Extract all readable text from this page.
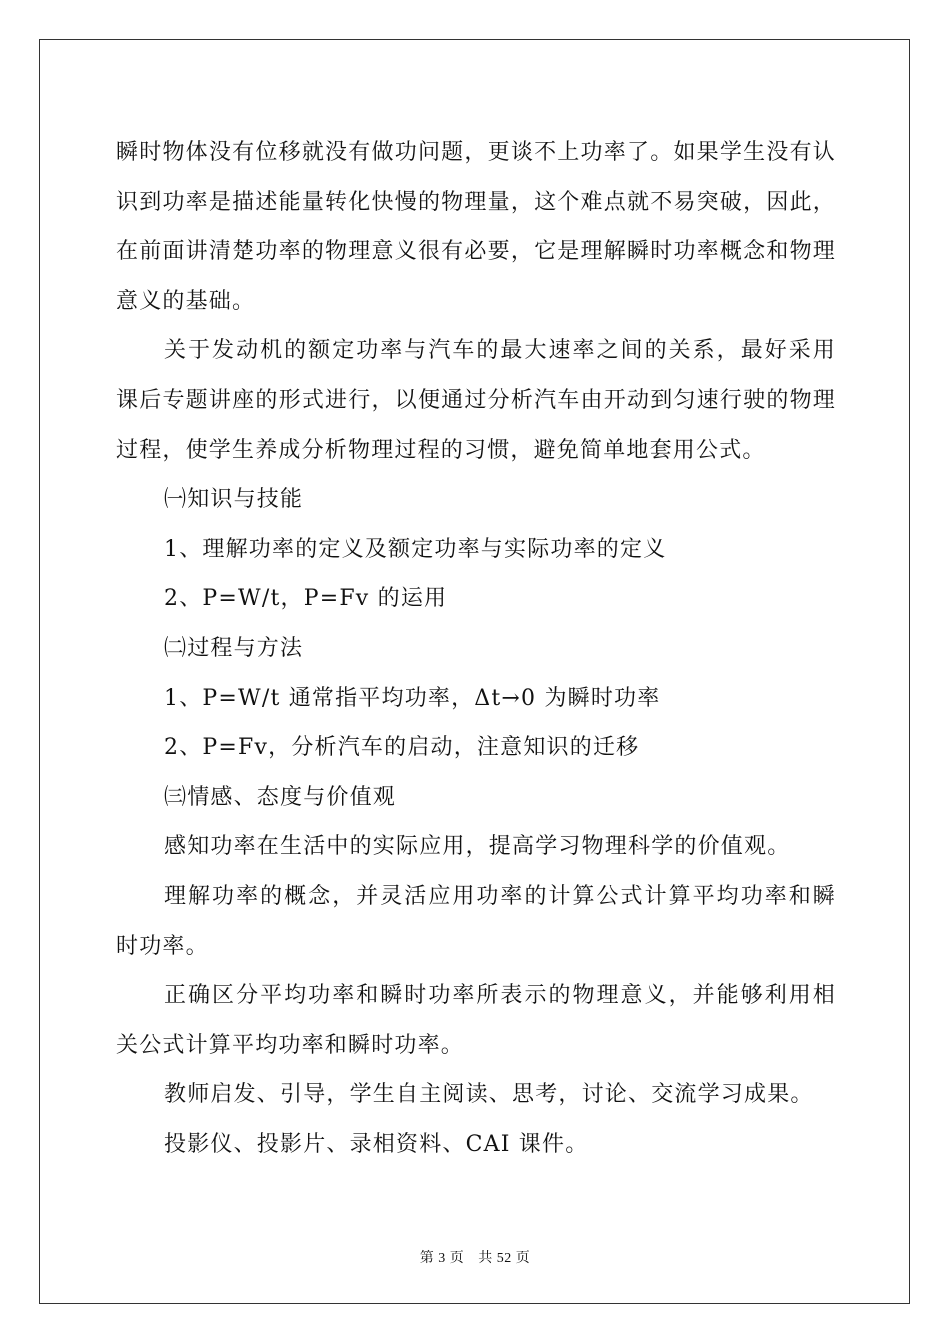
瞬时物体没有位移就没有做功问题，更谈不上功率了。如果学生没有认识到功率是描述能量转化快慢的物理量，这个难点就不易突破，因此，在前面讲清楚功率的物理意义很有必要，它是理解瞬时功率概念和物理意义的基础。

关于发动机的额定功率与汽车的最大速率之间的关系，最好采用课后专题讲座的形式进行，以便通过分析汽车由开动到匀速行驶的物理过程，使学生养成分析物理过程的习惯，避免简单地套用公式。

㈠知识与技能

1、理解功率的定义及额定功率与实际功率的定义

2、P=W/t，P=Fv 的运用

㈡过程与方法

1、P=W/t 通常指平均功率，Δt→0 为瞬时功率

2、P=Fv，分析汽车的启动，注意知识的迁移

㈢情感、态度与价值观

感知功率在生活中的实际应用，提高学习物理科学的价值观。

理解功率的概念，并灵活应用功率的计算公式计算平均功率和瞬时功率。

正确区分平均功率和瞬时功率所表示的物理意义，并能够利用相关公式计算平均功率和瞬时功率。

教师启发、引导，学生自主阅读、思考，讨论、交流学习成果。

投影仪、投影片、录相资料、CAI 课件。

第 3 页 共 52 页
